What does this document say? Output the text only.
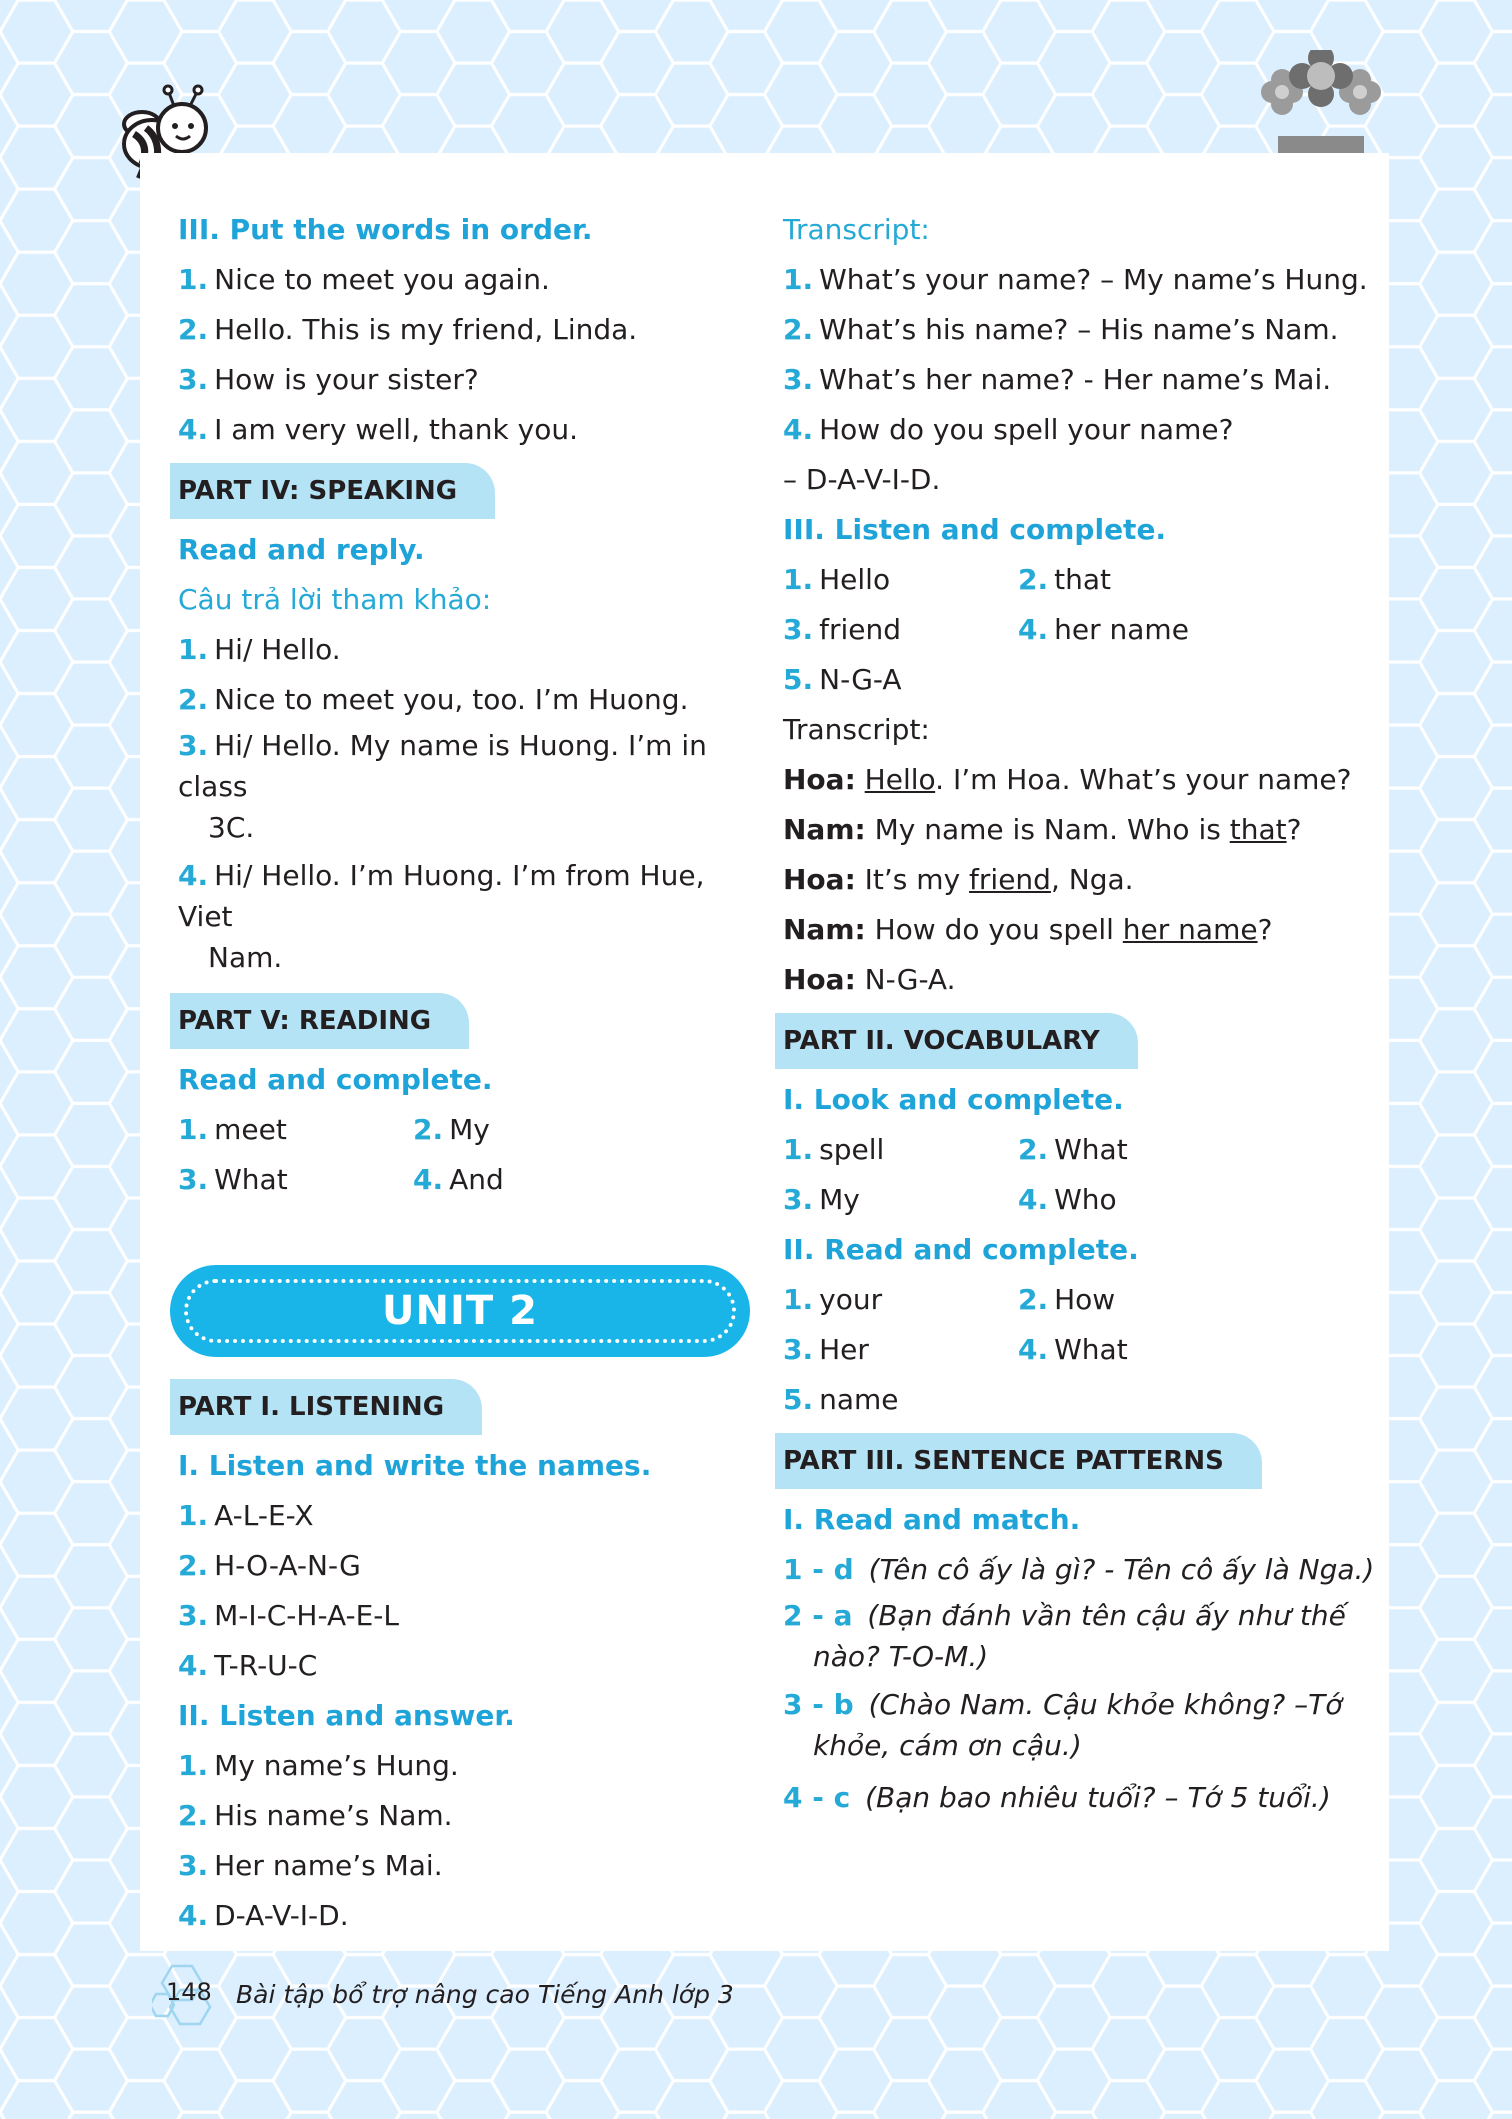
III. Put the words in order.
1. Nice to meet you again.
2. Hello. This is my friend, Linda.
3. How is your sister?
4. I am very well, thank you.
PART IV: SPEAKING
Read and reply.
Câu trả lời tham khảo:
1. Hi/ Hello.
2. Nice to meet you, too. I’m Huong.
3. Hi/ Hello. My name is Huong. I’m in class
3C.
4. Hi/ Hello. I’m Huong. I’m from Hue, Viet
Nam.
PART V: READING
Read and complete.
1. meet	2. My
3. What	4. And
UNIT 2
PART I. LISTENING
I. Listen and write the names.
1. A-L-E-X
2. H-O-A-N-G
3. M-I-C-H-A-E-L
4. T-R-U-C
II. Listen and answer.
1. My name’s Hung.
2. His name’s Nam.
3. Her name’s Mai.
4. D-A-V-I-D.
Transcript:
1. What’s your name? – My name’s Hung.
2. What’s his name? – His name’s Nam.
3. What’s her name? - Her name’s Mai.
4. How do you spell your name?
– D-A-V-I-D.
III. Listen and complete.
1. Hello	2. that
3. friend	4. her name
5. N-G-A
Transcript:
Hoa: Hello. I’m Hoa. What’s your name?
Nam: My name is Nam. Who is that?
Hoa: It’s my friend, Nga.
Nam: How do you spell her name?
Hoa: N-G-A.
PART II. VOCABULARY
I. Look and complete.
1. spell	2. What
3. My	4. Who
II. Read and complete.
1. your	2. How
3. Her	4. What
5. name
PART III. SENTENCE PATTERNS
I. Read and match.
1 - d (Tên cô ấy là gì? - Tên cô ấy là Nga.)
2 - a (Bạn đánh vần tên cậu ấy như thế
nào? T-O-M.)
3 - b (Chào Nam. Cậu khỏe không? –Tớ
khỏe, cám ơn cậu.)
4 - c (Bạn bao nhiêu tuổi? – Tớ 5 tuổi.)
148 Bài tập bổ trợ nâng cao Tiếng Anh lớp 3
